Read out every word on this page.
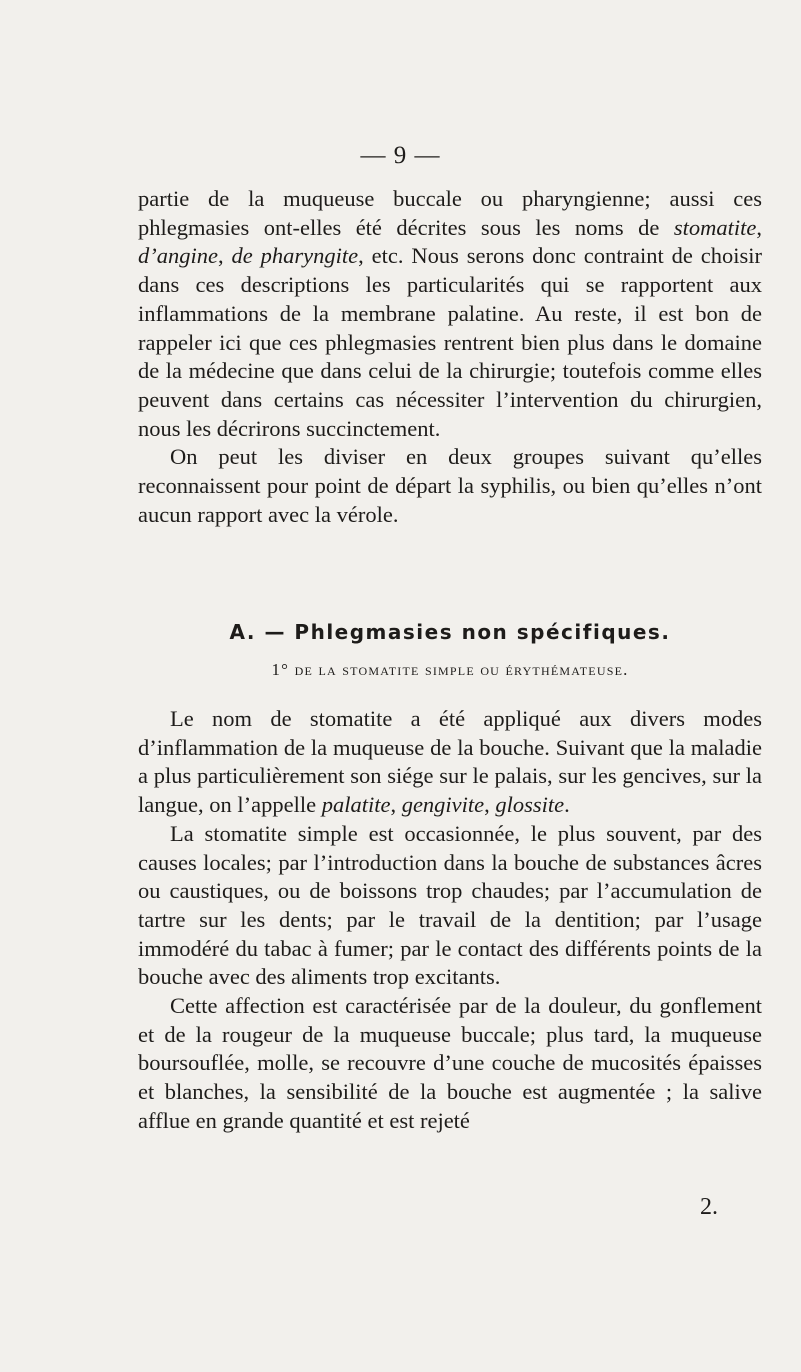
— 9 —

partie de la muqueuse buccale ou pharyngienne; aussi ces phlegmasies ont-elles été décrites sous les noms de stomatite, d’angine, de pharyngite, etc. Nous serons donc contraint de choisir dans ces descriptions les particularités qui se rapportent aux inflammations de la membrane palatine. Au reste, il est bon de rappeler ici que ces phlegmasies rentrent bien plus dans le domaine de la médecine que dans celui de la chirurgie; toutefois comme elles peuvent dans certains cas nécessiter l’intervention du chirurgien, nous les décrirons succinctement.

On peut les diviser en deux groupes suivant qu’elles reconnaissent pour point de départ la syphilis, ou bien qu’elles n’ont aucun rapport avec la vérole.

A. — Phlegmasies non spécifiques.
1° de la stomatite simple ou érythémateuse.

Le nom de stomatite a été appliqué aux divers modes d’inflammation de la muqueuse de la bouche. Suivant que la maladie a plus particulièrement son siége sur le palais, sur les gencives, sur la langue, on l’appelle palatite, gengivite, glossite.

La stomatite simple est occasionnée, le plus souvent, par des causes locales; par l’introduction dans la bouche de substances âcres ou caustiques, ou de boissons trop chaudes; par l’accumulation de tartre sur les dents; par le travail de la dentition; par l’usage immodéré du tabac à fumer; par le contact des différents points de la bouche avec des aliments trop excitants.

Cette affection est caractérisée par de la douleur, du gonflement et de la rougeur de la muqueuse buccale; plus tard, la muqueuse boursouflée, molle, se recouvre d’une couche de mucosités épaisses et blanches, la sensibilité de la bouche est augmentée ; la salive afflue en grande quantité et est rejeté

2.
